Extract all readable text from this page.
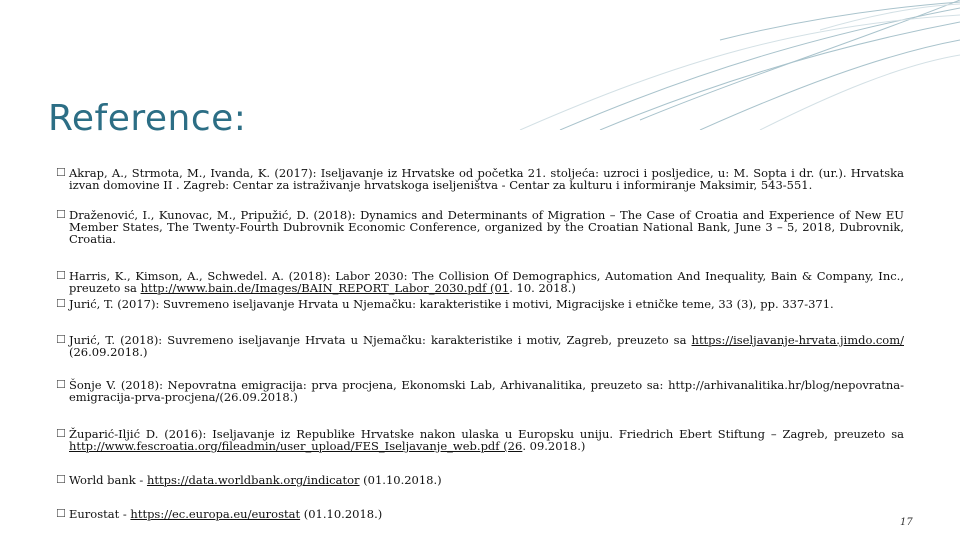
Reference:
☐ Akrap, A., Strmota, M., Ivanda, K. (2017): Iseljavanje iz Hrvatske od početka 21. stoljeća: uzroci i posljedice, u: M. Sopta i dr. (ur.). Hrvatska izvan domovine II . Zagreb: Centar za istraživanje hrvatskoga iseljeništva - Centar za kulturu i informiranje Maksimir, 543-551.
☐ Draženović, I., Kunovac, M., Pripužić, D. (2018): Dynamics and Determinants of Migration – The Case of Croatia and Experience of New EU Member States, The Twenty-Fourth Dubrovnik Economic Conference, organized by the Croatian National Bank, June 3 – 5, 2018, Dubrovnik, Croatia.
☐ Harris, K., Kimson, A., Schwedel. A. (2018): Labor 2030: The Collision Of Demographics, Automation And Inequality, Bain & Company, Inc., preuzeto sa http://www.bain.de/Images/BAIN_REPORT_Labor_2030.pdf (01. 10. 2018.)
☐ Jurić, T. (2017): Suvremeno iseljavanje Hrvata u Njemačku: karakteristike i motivi, Migracijske i etničke teme, 33 (3), pp. 337-371.
☐ Jurić, T. (2018): Suvremeno iseljavanje Hrvata u Njemačku: karakteristike i motiv, Zagreb, preuzeto sa https://iseljavanje-hrvata.jimdo.com/ (26.09.2018.)
☐ Šonje V. (2018): Nepovratna emigracija: prva procjena, Ekonomski Lab, Arhivanalitika, preuzeto sa: http://arhivanalitika.hr/blog/nepovratna-emigracija-prva-procjena/(26.09.2018.)
☐ Župarić-Iljić D. (2016): Iseljavanje iz Republike Hrvatske nakon ulaska u Europsku uniju. Friedrich Ebert Stiftung – Zagreb, preuzeto sa http://www.fescroatia.org/fileadmin/user_upload/FES_Iseljavanje_web.pdf (26. 09.2018.)
☐ World bank - https://data.worldbank.org/indicator (01.10.2018.)
☐ Eurostat - https://ec.europa.eu/eurostat (01.10.2018.)
17
